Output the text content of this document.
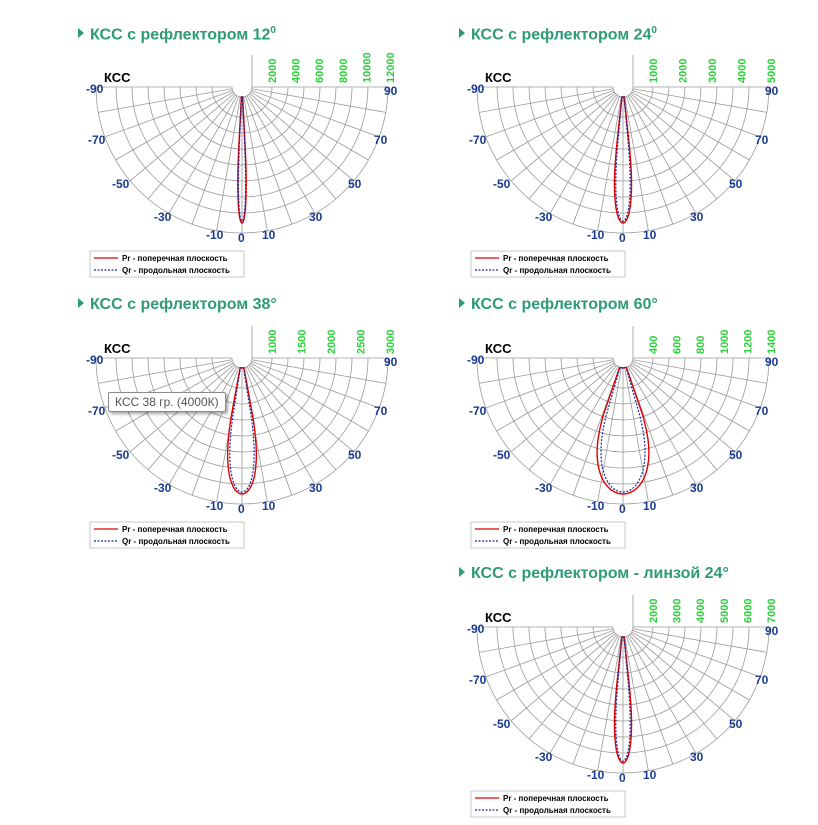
КСС с рефлектором $12^0$
КСС	2000 4000 6000 8000 10000 12000
-90
-70
-50
-30
-10 0 10
30
50
70
90
Pr - поперечная плоскость
Qr - продольная плоскость
КСС с рефлектором $24^0$
КСС	1000 2000 3000 4000 5000
-90
-70
-50
-30
-10 0 10
30
50
70
90
Pr - поперечная плоскость
Qr - продольная плоскость
КСС с рефлектором 38°
КСС	1000 1500 2000 2500 3000
-90
-70
-50
-30
-10 0 10
30
50
70
90
Pr - поперечная плоскость
Qr - продольная плоскость
КСС 38 гр. (4000К)
КСС с рефлектором 60°
КСС	400 600 800 1000 1200 1400
-90
-70
-50
-30
-10 0 10
30
50
70
90
Pr - поперечная плоскость
Qr - продольная плоскость
КСС с рефлектором - линзой 24°
КСС	2000 3000 4000 5000 6000 7000
-90
-70
-50
-30
-10 0 10
30
50
70
90
Pr - поперечная плоскость
Qr - продольная плоскость
